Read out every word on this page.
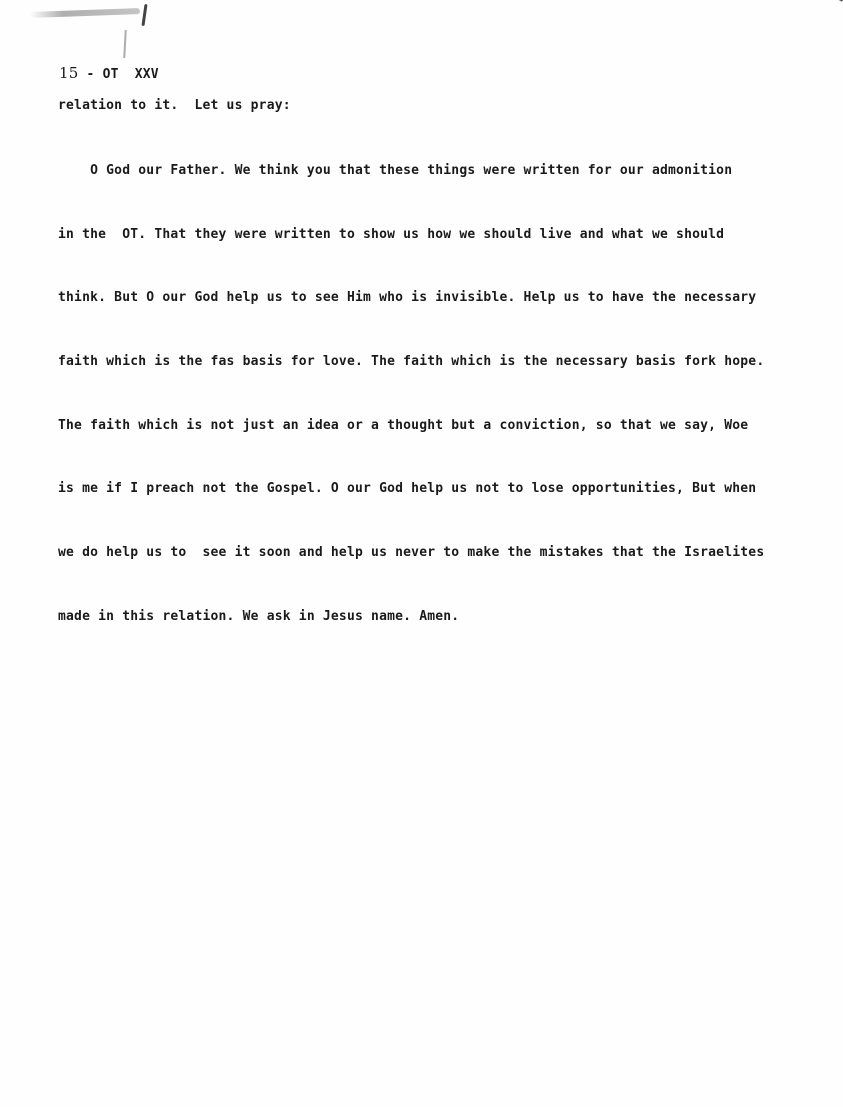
15 - OT XXV
relation to it.  Let us pray:

O God our Father. We think you that these things were written for our admonition

in the  OT. That they were written to show us how we should live and what we should

think. But O our God help us to see Him who is invisible. Help us to have the necessary

faith which is the fas basis for love. The faith which is the necessary basis fork hope.

The faith which is not just an idea or a thought but a conviction, so that we say, Woe

is me if I preach not the Gospel. O our God help us not to lose opportunities, But when

we do help us to  see it soon and help us never to make the mistakes that the Israelites

made in this relation. We ask in Jesus name. Amen.
